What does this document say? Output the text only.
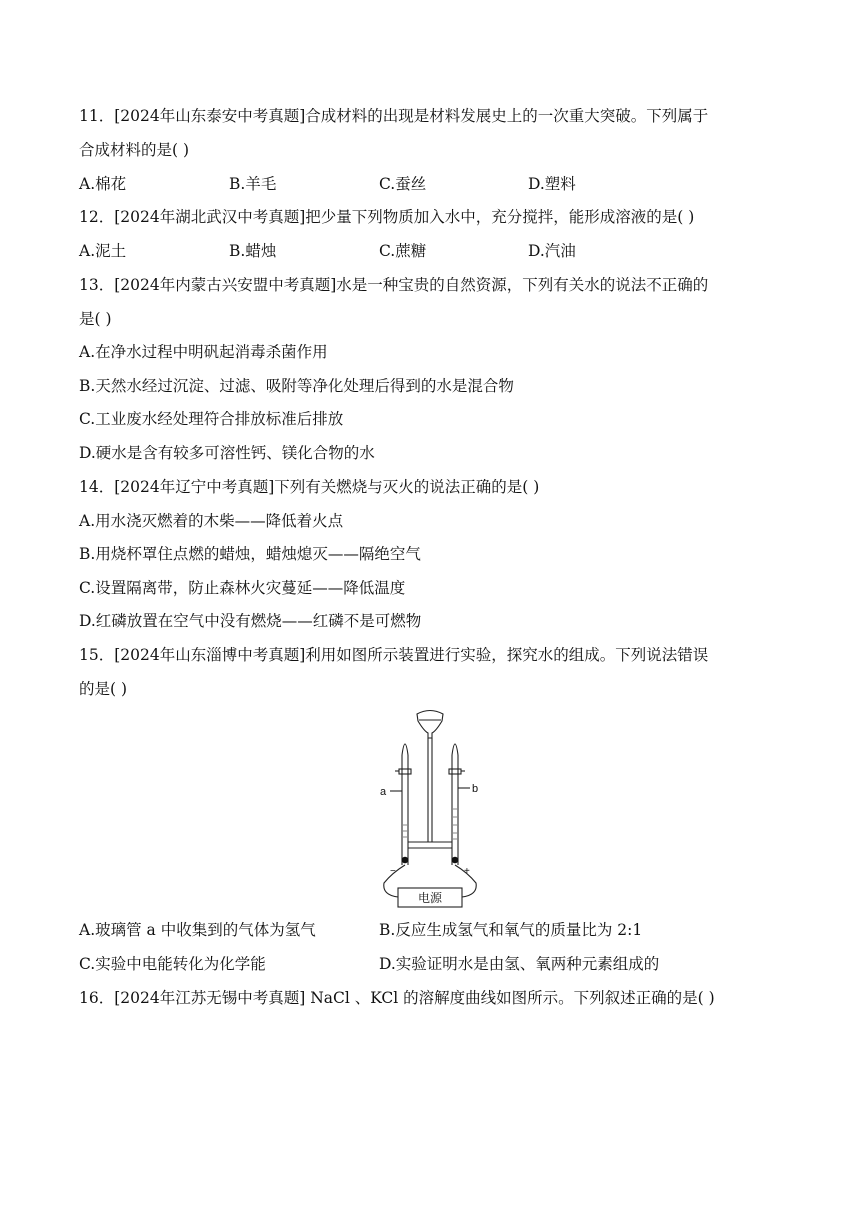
11．[2024年山东泰安中考真题]合成材料的出现是材料发展史上的一次重大突破。下列属于
合成材料的是( )
A.棉花	B.羊毛	C.蚕丝	D.塑料
12．[2024年湖北武汉中考真题]把少量下列物质加入水中，充分搅拌，能形成溶液的是( )
A.泥土	B.蜡烛	C.蔗糖	D.汽油
13．[2024年内蒙古兴安盟中考真题]水是一种宝贵的自然资源，下列有关水的说法不正确的
是( )
A.在净水过程中明矾起消毒杀菌作用
B.天然水经过沉淀、过滤、吸附等净化处理后得到的水是混合物
C.工业废水经处理符合排放标准后排放
D.硬水是含有较多可溶性钙、镁化合物的水
14．[2024年辽宁中考真题]下列有关燃烧与灭火的说法正确的是( )
A.用水浇灭燃着的木柴——降低着火点
B.用烧杯罩住点燃的蜡烛，蜡烛熄灭——隔绝空气
C.设置隔离带，防止森林火灾蔓延——降低温度
D.红磷放置在空气中没有燃烧——红磷不是可燃物
15．[2024年山东淄博中考真题]利用如图所示装置进行实验，探究水的组成。下列说法错误
的是( )
a	b
−	+
电源
A.玻璃管 a 中收集到的气体为氢气	B.反应生成氢气和氧气的质量比为 2:1
C.实验中电能转化为化学能	D.实验证明水是由氢、氧两种元素组成的
16．[2024年江苏无锡中考真题] NaCl 、KCl 的溶解度曲线如图所示。下列叙述正确的是( )
